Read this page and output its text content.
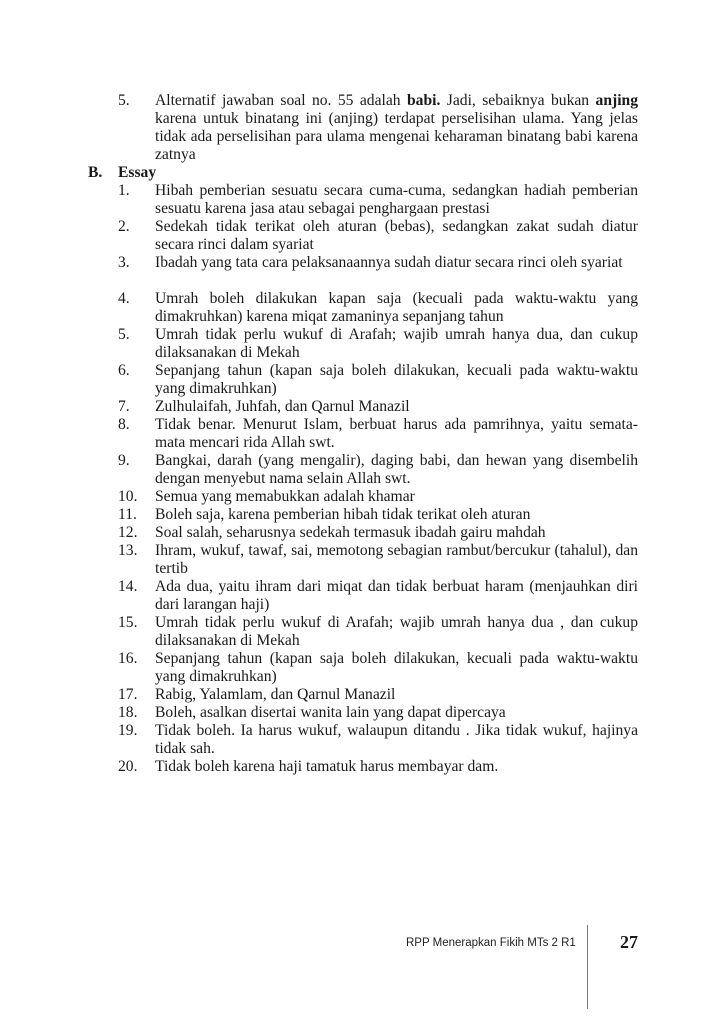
5.	Alternatif jawaban soal no. 55 adalah babi. Jadi, sebaiknya bukan anjing karena untuk binatang ini (anjing) terdapat perselisihan ulama. Yang jelas tidak ada perselisihan para ulama mengenai keharaman binatang babi karena zatnya
B.	Essay
1.	Hibah pemberian sesuatu secara cuma-cuma, sedangkan hadiah pemberian sesuatu karena jasa atau sebagai penghargaan prestasi
2.	Sedekah tidak terikat oleh aturan (bebas), sedangkan zakat sudah diatur secara rinci dalam syariat
3.	Ibadah yang tata cara pelaksanaannya sudah diatur secara rinci oleh syariat
4.	Umrah boleh dilakukan kapan saja (kecuali pada waktu-waktu yang dimakruhkan) karena miqat zamaninya sepanjang tahun
5.	Umrah tidak perlu wukuf di Arafah; wajib umrah hanya dua, dan cukup dilaksanakan di Mekah
6.	Sepanjang tahun (kapan saja boleh dilakukan, kecuali pada waktu-waktu yang dimakruhkan)
7.	Zulhulaifah, Juhfah, dan Qarnul Manazil
8.	Tidak benar. Menurut Islam, berbuat harus ada pamrihnya, yaitu semata-mata mencari rida Allah swt.
9.	Bangkai, darah (yang mengalir), daging babi, dan hewan yang disembelih dengan menyebut nama selain Allah swt.
10.	Semua yang memabukkan adalah khamar
11.	Boleh saja, karena pemberian hibah tidak terikat oleh aturan
12.	Soal salah, seharusnya sedekah termasuk ibadah gairu mahdah
13.	Ihram, wukuf, tawaf, sai, memotong sebagian rambut/bercukur (tahalul), dan tertib
14.	Ada dua, yaitu ihram dari miqat dan tidak berbuat haram (menjauhkan diri dari larangan haji)
15.	Umrah tidak perlu wukuf di Arafah; wajib umrah hanya dua , dan cukup dilaksanakan di Mekah
16.	Sepanjang tahun (kapan saja boleh dilakukan, kecuali pada waktu-waktu yang dimakruhkan)
17.	Rabig, Yalamlam, dan Qarnul Manazil
18.	Boleh, asalkan disertai wanita lain yang dapat dipercaya
19.	Tidak boleh. Ia harus wukuf, walaupun ditandu . Jika tidak wukuf, hajinya tidak sah.
20.	Tidak boleh karena haji tamatuk harus membayar dam.
RPP Menerapkan Fikih MTs 2 R1 27
